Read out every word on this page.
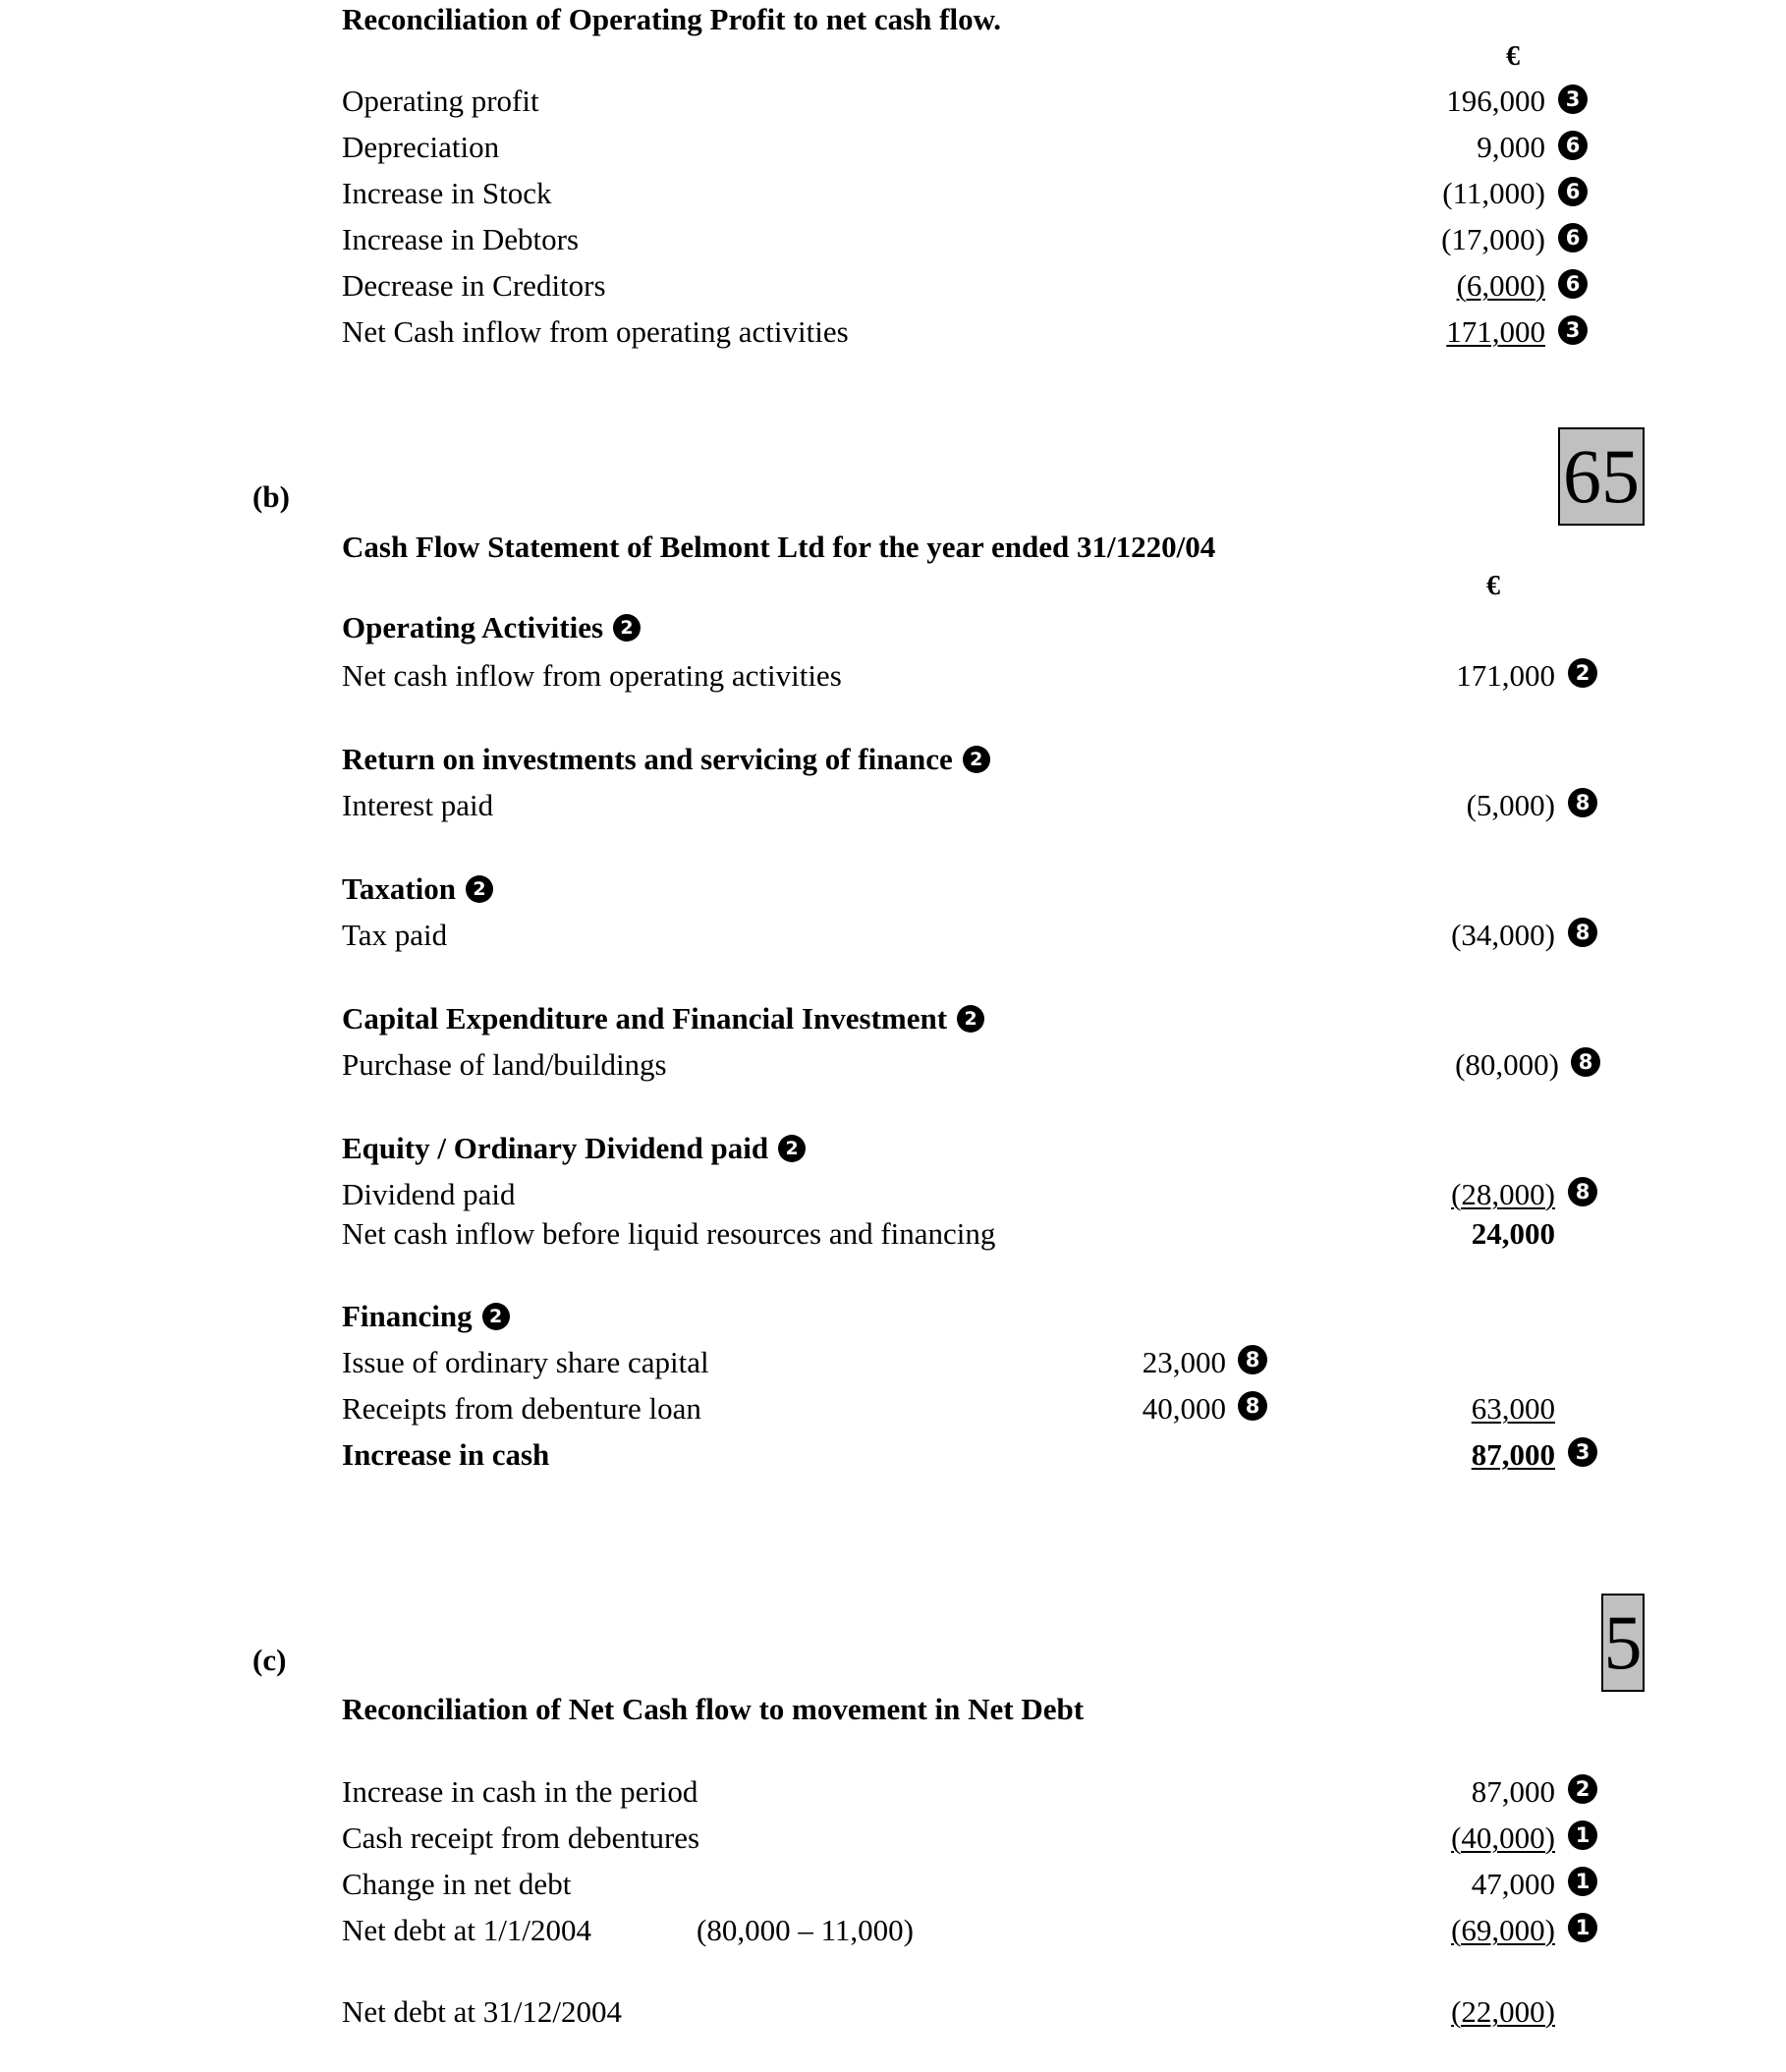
Reconciliation of Operating Profit to net cash flow.
€
Operating profit	196,000 3
Depreciation	9,000 6
Increase in Stock	(11,000) 6
Increase in Debtors	(17,000) 6
Decrease in Creditors	(6,000) 6
Net Cash inflow from operating activities	171,000 3
(b)	65
Cash Flow Statement of Belmont Ltd for the year ended 31/1220/04
€
Operating Activities 2
Net cash inflow from operating activities	171,000 2
Return on investments and servicing of finance 2
Interest paid	(5,000) 8
Taxation 2
Tax paid	(34,000) 8
Capital Expenditure and Financial Investment 2
Purchase of land/buildings	(80,000) 8
Equity / Ordinary Dividend paid 2
Dividend paid	(28,000) 8
Net cash inflow before liquid resources and financing	24,000
Financing 2
Issue of ordinary share capital	23,000 8
Receipts from debenture loan	40,000 8	63,000
Increase in cash	87,000 3
(c)	5
Reconciliation of Net Cash flow to movement in Net Debt
Increase in cash in the period	87,000 2
Cash receipt from debentures	(40,000) 1
Change in net debt	47,000 1
Net debt at 1/1/2004	(80,000 – 11,000)	(69,000) 1
Net debt at 31/12/2004	(22,000)
